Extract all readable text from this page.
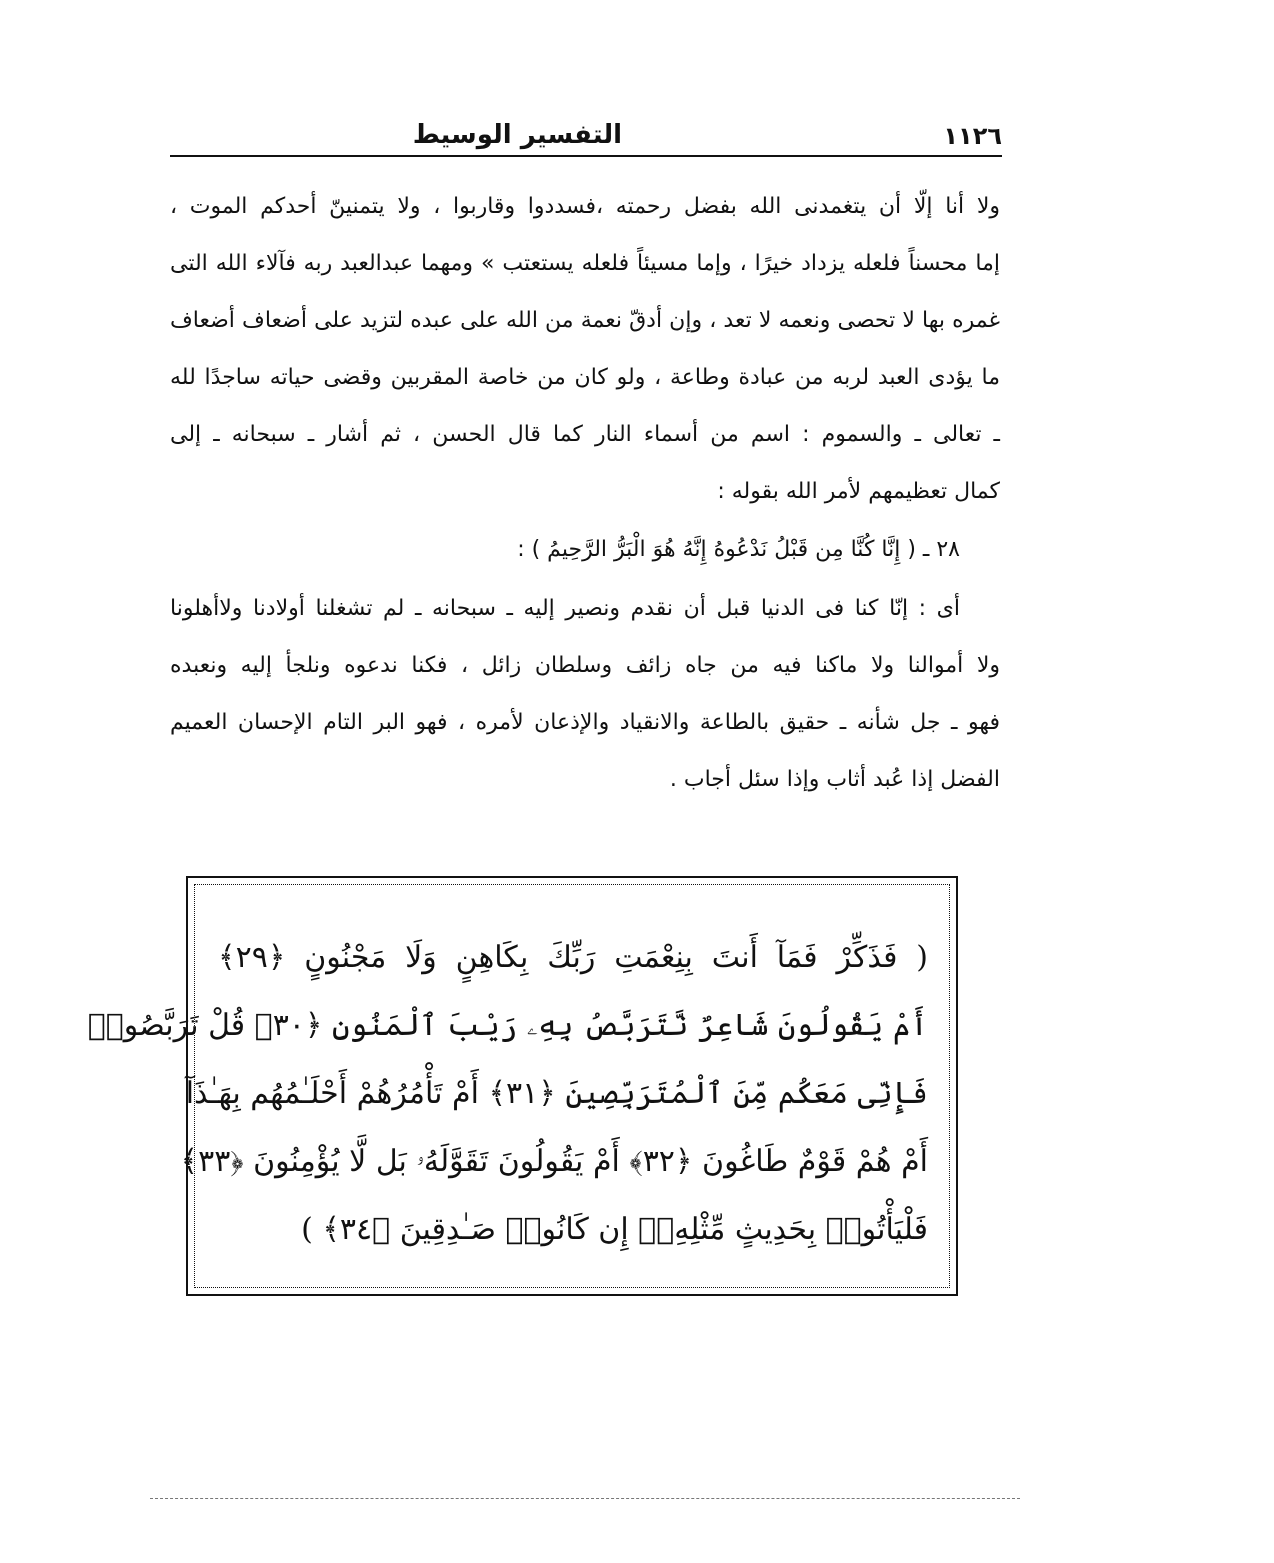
١١٢٦
التفسير الوسيط
ولا أنا إلّا أن يتغمدنى الله بفضل رحمته ،فسددوا وقاربوا ، ولا يتمنينّ أحدكم الموت ،
إما محسناً فلعله يزداد خيرًا ، وإما مسيئاً فلعله يستعتب » ومهما عبدالعبد ربه فآلاء الله التى
غمره بها لا تحصى ونعمه لا تعد ، وإن أدقّ نعمة من الله على عبده لتزيد على أضعاف أضعاف
ما يؤدى العبد لربه من عبادة وطاعة ، ولو كان من خاصة المقربين وقضى حياته ساجدًا لله
ـ تعالى ـ والسموم : اسم من أسماء النار كما قال الحسن ، ثم أشار ـ سبحانه ـ إلى
كمال تعظيمهم لأمر الله بقوله :
٢٨ ـ ( إِنَّا كُنَّا مِن قَبْلُ نَدْعُوهُ إِنَّهُ هُوَ الْبَرُّ الرَّحِيمُ ) :
أى : إنّا كنا فى الدنيا قبل أن نقدم ونصير إليه ـ سبحانه ـ لم تشغلنا أولادنا ولاأهلونا
ولا أموالنا ولا ماكنا فيه من جاه زائف وسلطان زائل ، فكنا ندعوه ونلجأ إليه ونعبده
فهو ـ جل شأنه ـ حقيق بالطاعة والانقياد والإذعان لأمره ، فهو البر التام الإحسان العميم
الفضل إذا عُبد أثاب وإذا سئل أجاب .
( فَذَكِّرْ فَمَآ أَنتَ بِنِعْمَتِ رَبِّكَ بِكَاهِنٍ وَلَا مَجْنُونٍ ﴿٢٩﴾
أَمْ يَقُولُونَ شَاعِرٌ نَّتَرَبَّصُ بِهِۦ رَيْبَ ٱلْمَنُونِ ﴿٣٠﴾ قُلْ تَرَبَّصُوا۟
فَإِنِّى مَعَكُم مِّنَ ٱلْمُتَرَبِّصِينَ ﴿٣١﴾ أَمْ تَأْمُرُهُمْ أَحْلَـٰمُهُم بِهَـٰذَآ
أَمْ هُمْ قَوْمٌ طَاغُونَ ﴿٣٢﴾ أَمْ يَقُولُونَ تَقَوَّلَهُۥ بَل لَّا يُؤْمِنُونَ ﴿٣٣﴾
فَلْيَأْتُوا۟ بِحَدِيثٍ مِّثْلِهِۦٓ إِن كَانُوا۟ صَـٰدِقِينَ ﴿٣٤﴾ )
